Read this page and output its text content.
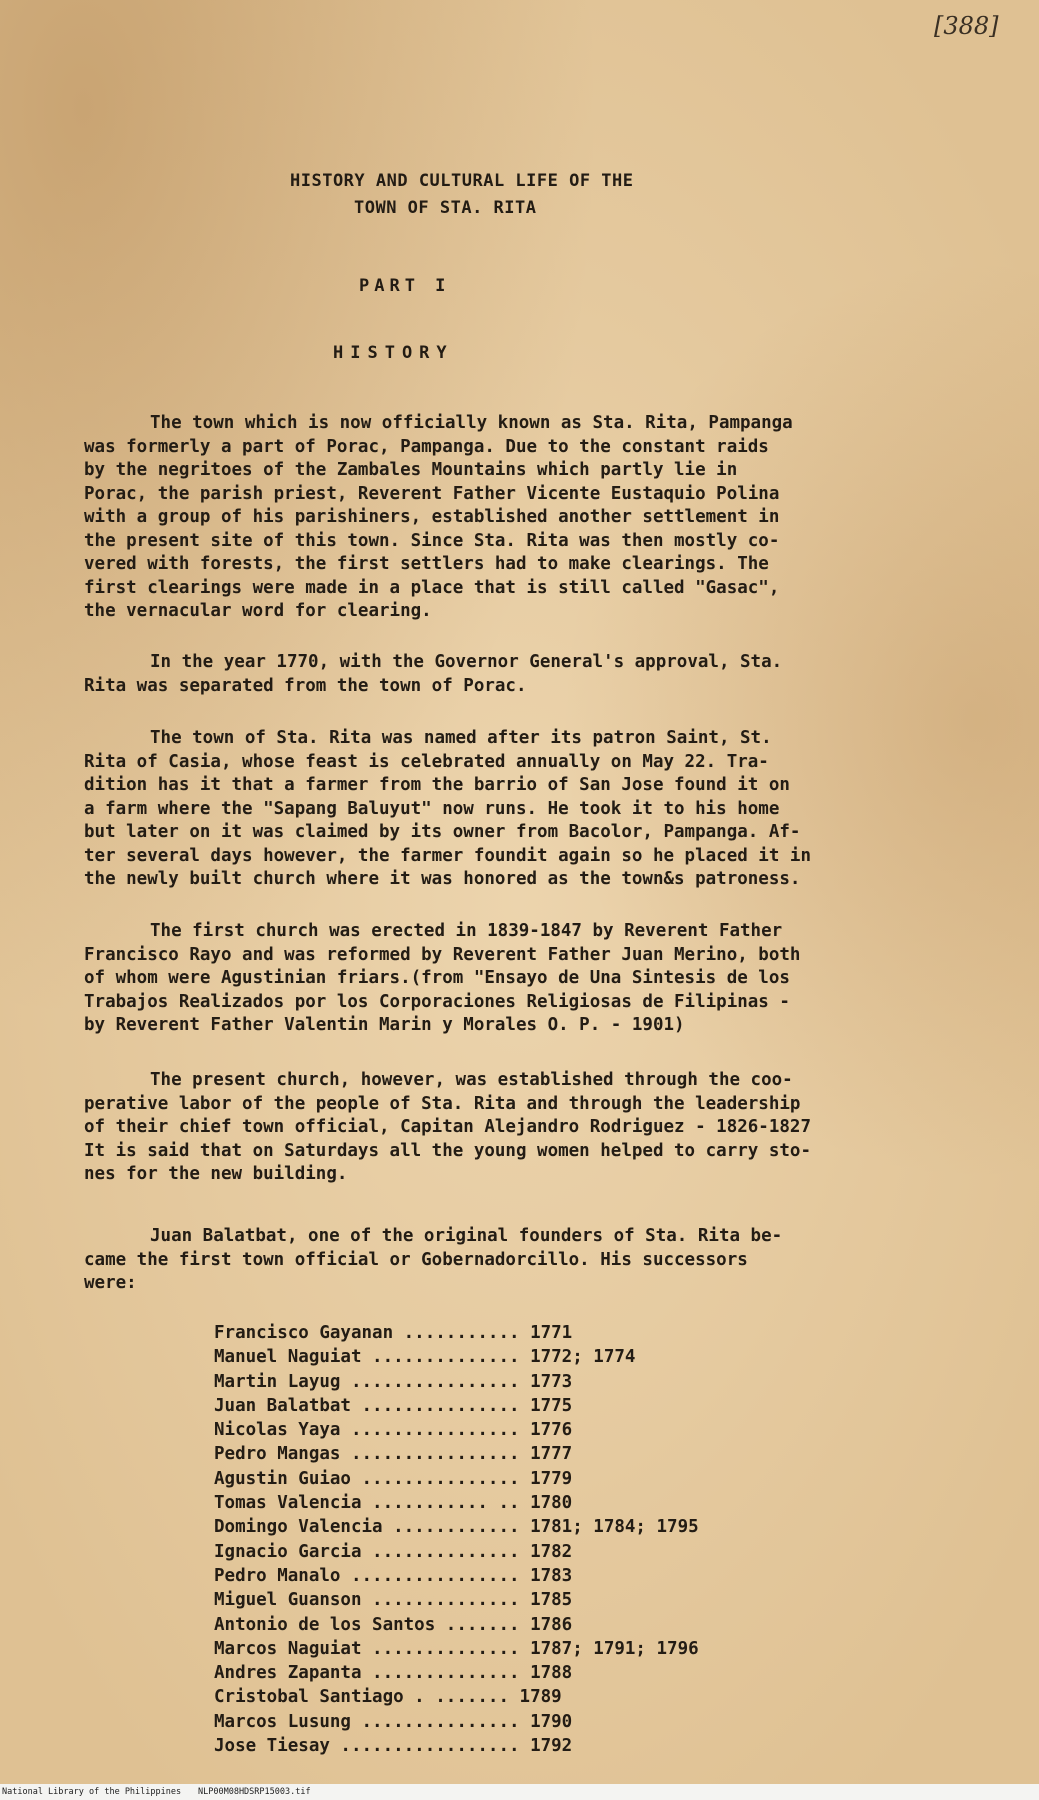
[388]
HISTORY AND CULTURAL LIFE OF THE
TOWN OF STA. RITA
PART I
HISTORY

The town which is now officially known as Sta. Rita, Pampanga
was formerly a part of Porac, Pampanga. Due to the constant raids
by the negritoes of the Zambales Mountains which partly lie in
Porac, the parish priest, Reverent Father Vicente Eustaquio Polina
with a group of his parishiners, established another settlement in
the present site of this town. Since Sta. Rita was then mostly co-
vered with forests, the first settlers had to make clearings. The
first clearings were made in a place that is still called "Gasac",
the vernacular word for clearing.

In the year 1770, with the Governor General's approval, Sta.
Rita was separated from the town of Porac.

The town of Sta. Rita was named after its patron Saint, St.
Rita of Casia, whose feast is celebrated annually on May 22. Tra-
dition has it that a farmer from the barrio of San Jose found it on
a farm where the "Sapang Baluyut" now runs. He took it to his home
but later on it was claimed by its owner from Bacolor, Pampanga. Af-
ter several days however, the farmer foundit again so he placed it in
the newly built church where it was honored as the town&s patroness.

The first church was erected in 1839-1847 by Reverent Father
Francisco Rayo and was reformed by Reverent Father Juan Merino, both
of whom were Agustinian friars.(from "Ensayo de Una Sintesis de los
Trabajos Realizados por los Corporaciones Religiosas de Filipinas -
by Reverent Father Valentin Marin y Morales O. P. - 1901)

The present church, however, was established through the coo-
perative labor of the people of Sta. Rita and through the leadership
of their chief town official, Capitan Alejandro Rodriguez - 1826-1827
It is said that on Saturdays all the young women helped to carry sto-
nes for the new building.

Juan Balatbat, one of the original founders of Sta. Rita be-
came the first town official or Gobernadorcillo. His successors
were:

Francisco Gayanan ........... 1771
Manuel Naguiat .............. 1772; 1774
Martin Layug ................ 1773
Juan Balatbat ............... 1775
Nicolas Yaya ................ 1776
Pedro Mangas ................ 1777
Agustin Guiao ............... 1779
Tomas Valencia ........... .. 1780
Domingo Valencia ............ 1781; 1784; 1795
Ignacio Garcia .............. 1782
Pedro Manalo ................ 1783
Miguel Guanson .............. 1785
Antonio de los Santos ....... 1786
Marcos Naguiat .............. 1787; 1791; 1796
Andres Zapanta .............. 1788
Cristobal Santiago . ....... 1789
Marcos Lusung ............... 1790
Jose Tiesay ................. 1792
National Library of the Philippines NLP00M08HDSRP15003.tif
